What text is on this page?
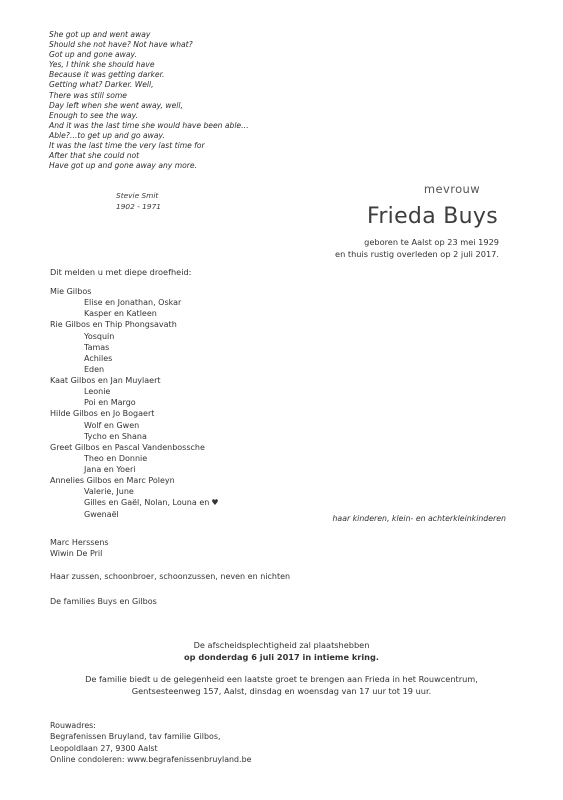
She got up and went away
Should she not have? Not have what?
Got up and gone away.
Yes, I think she should have
Because it was getting darker.
Getting what? Darker. Well,
There was still some
Day left when she went away, well,
Enough to see the way.
And it was the last time she would have been able…
Able?…to get up and go away.
It was the last time the very last time for
After that she could not
Have got up and gone away any more.
Stevie Smit
1902 - 1971
mevrouw
Frieda Buys
geboren te Aalst op 23 mei 1929
en thuis rustig overleden op 2 juli 2017.
Dit melden u met diepe droefheid:
Mie Gilbos
Elise en Jonathan, Oskar
Kasper en Katleen
Rie Gilbos en Thip Phongsavath
Yosquin
Tamas
Achiles
Eden
Kaat Gilbos en Jan Muylaert
Leonie
Poi en Margo
Hilde Gilbos en Jo Bogaert
Wolf en Gwen
Tycho en Shana
Greet Gilbos en Pascal Vandenbossche
Theo en Donnie
Jana en Yoeri
Annelies Gilbos en Marc Poleyn
Valerie, June
Gilles en Gaël, Nolan, Louna en ♥
Gwenaël	haar kinderen, klein- en achterkleinkinderen
Marc Herssens
Wiwin De Pril
Haar zussen, schoonbroer, schoonzussen, neven en nichten
De families Buys en Gilbos
De afscheidsplechtigheid zal plaatshebben
op donderdag 6 juli 2017 in intieme kring.
De familie biedt u de gelegenheid een laatste groet te brengen aan Frieda in het Rouwcentrum,
Gentsesteenweg 157, Aalst, dinsdag en woensdag van 17 uur tot 19 uur.
Rouwadres:
Begrafenissen Bruyland, tav familie Gilbos,
Leopoldlaan 27, 9300 Aalst
Online condoleren: www.begrafenissenbruyland.be
